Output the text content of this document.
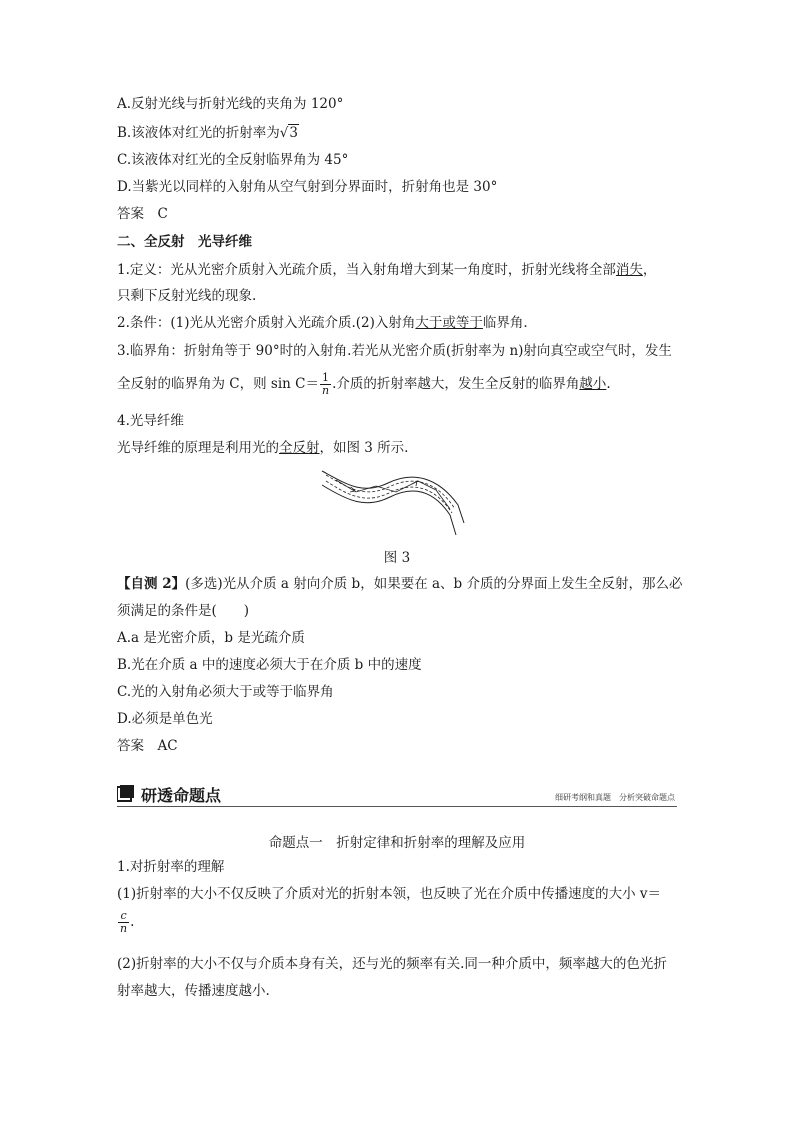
A.反射光线与折射光线的夹角为 120°
B.该液体对红光的折射率为√3
C.该液体对红光的全反射临界角为 45°
D.当紫光以同样的入射角从空气射到分界面时，折射角也是 30°
答案　C
二、全反射　光导纤维
1.定义：光从光密介质射入光疏介质，当入射角增大到某一角度时，折射光线将全部消失，
只剩下反射光线的现象.
2.条件：(1)光从光密介质射入光疏介质.(2)入射角大于或等于临界角.
3.临界角：折射角等于 90°时的入射角.若光从光密介质(折射率为 n)射向真空或空气时，发生
全反射的临界角为 C，则 $\sin C= \frac{1}{n}$ .介质的折射率越大，发生全反射的临界角越小.
4.光导纤维
光导纤维的原理是利用光的全反射，如图 3 所示.
图 3
【自测 2】(多选)光从介质 a 射向介质 b，如果要在 a、b 介质的分界面上发生全反射，那么必
须满足的条件是(　　)
A.a 是光密介质，b 是光疏介质
B.光在介质 a 中的速度必须大于在介质 b 中的速度
C.光的入射角必须大于或等于临界角
D.必须是单色光
答案　AC
研透命题点	细研考纲和真题　分析突破命题点
命题点一　折射定律和折射率的理解及应用
1.对折射率的理解
(1)折射率的大小不仅反映了介质对光的折射本领，也反映了光在介质中传播速度的大小 v＝
$\frac{c}{n}$ .
(2)折射率的大小不仅与介质本身有关，还与光的频率有关.同一种介质中，频率越大的色光折
射率越大，传播速度越小.
